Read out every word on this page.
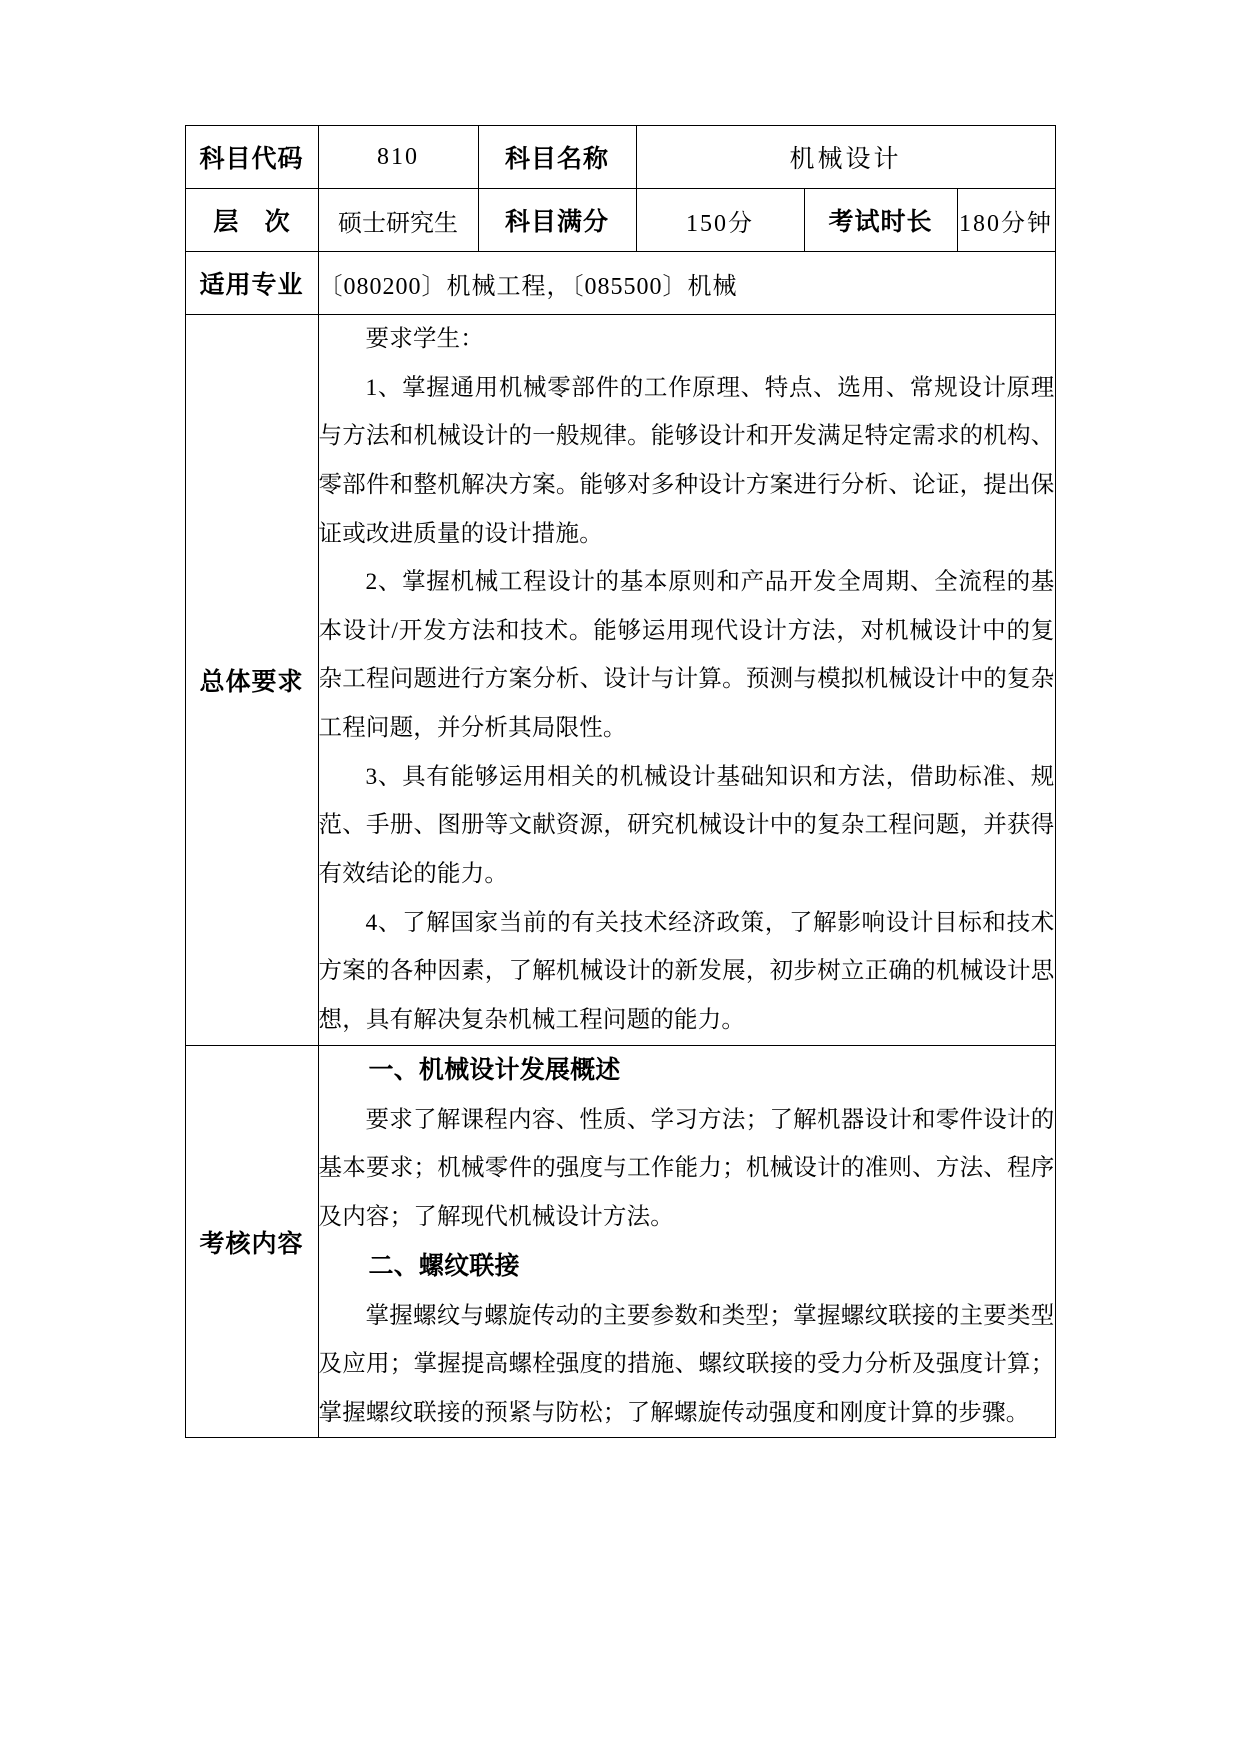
科目代码	810	科目名称	机械设计		
层 次	硕士研究生	科目满分	150分	考试时长	180分钟
适用专业	〔080200〕机械工程，〔085500〕机械				
总体要求	要求学生：

1、掌握通用机械零部件的工作原理、特点、选用、常规设计原理与方法和机械设计的一般规律。能够设计和开发满足特定需求的机构、零部件和整机解决方案。能够对多种设计方案进行分析、论证，提出保证或改进质量的设计措施。

2、掌握机械工程设计的基本原则和产品开发全周期、全流程的基本设计/开发方法和技术。能够运用现代设计方法，对机械设计中的复杂工程问题进行方案分析、设计与计算。预测与模拟机械设计中的复杂工程问题，并分析其局限性。

3、具有能够运用相关的机械设计基础知识和方法，借助标准、规范、手册、图册等文献资源，研究机械设计中的复杂工程问题，并获得有效结论的能力。

4、了解国家当前的有关技术经济政策，了解影响设计目标和技术方案的各种因素，了解机械设计的新发展，初步树立正确的机械设计思想，具有解决复杂机械工程问题的能力。				

考核内容	一、机械设计发展概述

要求了解课程内容、性质、学习方法；了解机器设计和零件设计的基本要求；机械零件的强度与工作能力；机械设计的准则、方法、程序及内容；了解现代机械设计方法。

二、螺纹联接

掌握螺纹与螺旋传动的主要参数和类型；掌握螺纹联接的主要类型及应用；掌握提高螺栓强度的措施、螺纹联接的受力分析及强度计算；掌握螺纹联接的预紧与防松；了解螺旋传动强度和刚度计算的步骤。				
